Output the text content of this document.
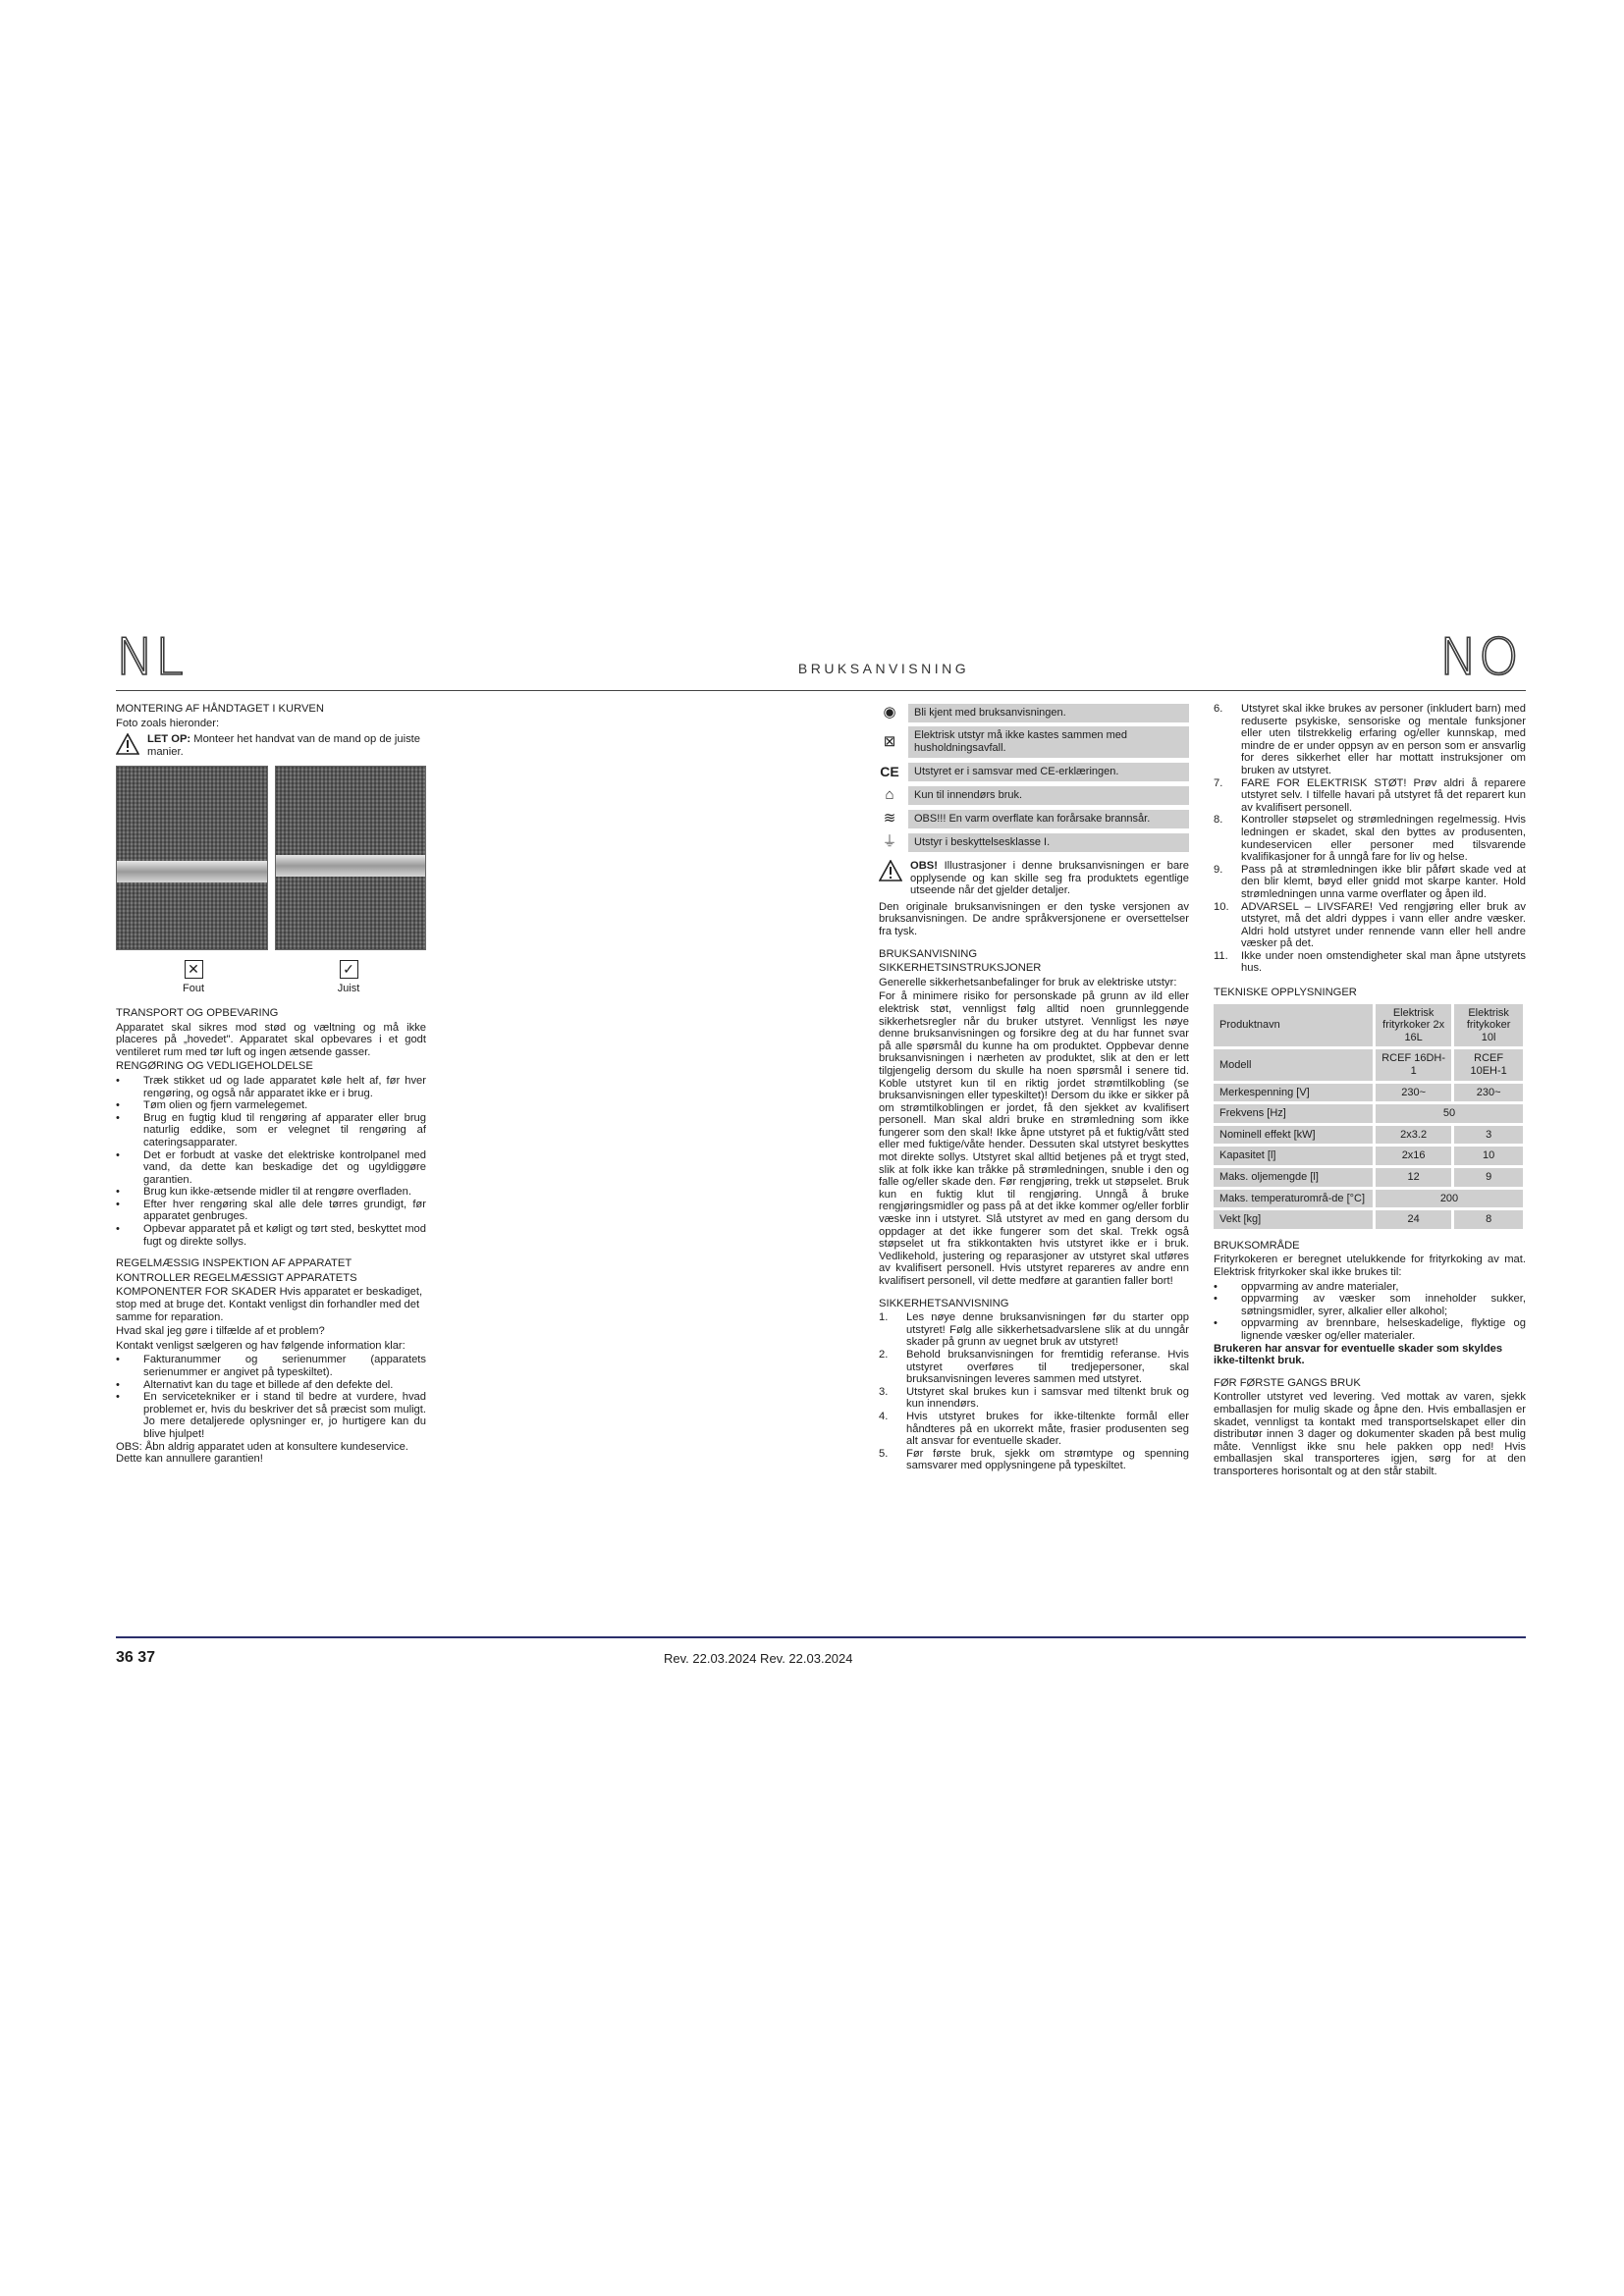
NL	BRUKSANVISNING	NO

MONTERING AF HÅNDTAGET I KURVEN

Foto zoals hieronder:

LET OP: Monteer het handvat van de mand op de juiste manier.
✕
Fout
✓
Juist

TRANSPORT OG OPBEVARING

Apparatet skal sikres mod stød og væltning og må ikke placeres på „hovedet". Apparatet skal opbevares i et godt ventileret rum med tør luft og ingen ætsende gasser.

RENGØRING OG VEDLIGEHOLDELSE

•	Træk stikket ud og lade apparatet køle helt af, før hver rengøring, og også når apparatet ikke er i brug.
•	Tøm olien og fjern varmelegemet.
•	Brug en fugtig klud til rengøring af apparater eller brug naturlig eddike, som er velegnet til rengøring af cateringsapparater.
•	Det er forbudt at vaske det elektriske kontrolpanel med vand, da dette kan beskadige det og ugyldiggøre garantien.
•	Brug kun ikke-ætsende midler til at rengøre overfladen.
•	Efter hver rengøring skal alle dele tørres grundigt, før apparatet genbruges.
•	Opbevar apparatet på et køligt og tørt sted, beskyttet mod fugt og direkte sollys.

REGELMÆSSIG INSPEKTION AF APPARATET

KONTROLLER REGELMÆSSIGT APPARATETS

KOMPONENTER FOR SKADER Hvis apparatet er beskadiget, stop med at bruge det. Kontakt venligst din forhandler med det samme for reparation.

Hvad skal jeg gøre i tilfælde af et problem?

Kontakt venligst sælgeren og hav følgende information klar:

•	Fakturanummer og serienummer (apparatets serienummer er angivet på typeskiltet).
•	Alternativt kan du tage et billede af den defekte del.
•	En servicetekniker er i stand til bedre at vurdere, hvad problemet er, hvis du beskriver det så præcist som muligt. Jo mere detaljerede oplysninger er, jo hurtigere kan du blive hjulpet!

OBS: Åbn aldrig apparatet uden at konsultere kundeservice. Dette kan annullere garantien!

◉	Bli kjent med bruksanvisningen.
⊠	Elektrisk utstyr må ikke kastes sammen med husholdningsavfall.
CE	Utstyret er i samsvar med CE-erklæringen.
⌂	Kun til innendørs bruk.
≋	OBS!!! En varm overflate kan forårsake brannsår.
⏚	Utstyr i beskyttelsesklasse I.
OBS! Illustrasjoner i denne bruksanvisningen er bare opplysende og kan skille seg fra produktets egentlige utseende når det gjelder detaljer.

Den originale bruksanvisningen er den tyske versjonen av bruksanvisningen. De andre språkversjonene er oversettelser fra tysk.

BRUKSANVISNING

SIKKERHETSINSTRUKSJONER

Generelle sikkerhetsanbefalinger for bruk av elektriske utstyr:

For å minimere risiko for personskade på grunn av ild eller elektrisk støt, vennligst følg alltid noen grunnleggende sikkerhetsregler når du bruker utstyret. Vennligst les nøye denne bruksanvisningen og forsikre deg at du har funnet svar på alle spørsmål du kunne ha om produktet. Oppbevar denne bruksanvisningen i nærheten av produktet, slik at den er lett tilgjengelig dersom du skulle ha noen spørsmål i senere tid. Koble utstyret kun til en riktig jordet strømtilkobling (se bruksanvisningen eller typeskiltet)! Dersom du ikke er sikker på om strømtilkoblingen er jordet, få den sjekket av kvalifisert personell. Man skal aldri bruke en strømledning som ikke fungerer som den skal! Ikke åpne utstyret på et fuktig/vått sted eller med fuktige/våte hender. Dessuten skal utstyret beskyttes mot direkte sollys. Utstyret skal alltid betjenes på et trygt sted, slik at folk ikke kan tråkke på strømledningen, snuble i den og falle og/eller skade den. Før rengjøring, trekk ut støpselet. Bruk kun en fuktig klut til rengjøring. Unngå å bruke rengjøringsmidler og pass på at det ikke kommer og/eller forblir væske inn i utstyret. Slå utstyret av med en gang dersom du oppdager at det ikke fungerer som det skal. Trekk også støpselet ut fra stikkontakten hvis utstyret ikke er i bruk. Vedlikehold, justering og reparasjoner av utstyret skal utføres av kvalifisert personell. Hvis utstyret repareres av andre enn kvalifisert personell, vil dette medføre at garantien faller bort!

SIKKERHETSANVISNING

1.	Les nøye denne bruksanvisningen før du starter opp utstyret! Følg alle sikkerhetsadvarslene slik at du unngår skader på grunn av uegnet bruk av utstyret!
2.	Behold bruksanvisningen for fremtidig referanse. Hvis utstyret overføres til tredjepersoner, skal bruksanvisningen leveres sammen med utstyret.
3.	Utstyret skal brukes kun i samsvar med tiltenkt bruk og kun innendørs.
4.	Hvis utstyret brukes for ikke-tiltenkte formål eller håndteres på en ukorrekt måte, frasier produsenten seg alt ansvar for eventuelle skader.
5.	Før første bruk, sjekk om strømtype og spenning samsvarer med opplysningene på typeskiltet.
6.	Utstyret skal ikke brukes av personer (inkludert barn) med reduserte psykiske, sensoriske og mentale funksjoner eller uten tilstrekkelig erfaring og/eller kunnskap, med mindre de er under oppsyn av en person som er ansvarlig for deres sikkerhet eller har mottatt instruksjoner om bruken av utstyret.
7.	FARE FOR ELEKTRISK STØT! Prøv aldri å reparere utstyret selv. I tilfelle havari på utstyret få det reparert kun av kvalifisert personell.
8.	Kontroller støpselet og strømledningen regelmessig. Hvis ledningen er skadet, skal den byttes av produsenten, kundeservicen eller personer med tilsvarende kvalifikasjoner for å unngå fare for liv og helse.
9.	Pass på at strømledningen ikke blir påført skade ved at den blir klemt, bøyd eller gnidd mot skarpe kanter. Hold strømledningen unna varme overflater og åpen ild.
10.	ADVARSEL – LIVSFARE! Ved rengjøring eller bruk av utstyret, må det aldri dyppes i vann eller andre væsker. Aldri hold utstyret under rennende vann eller hell andre væsker på det.
11.	Ikke under noen omstendigheter skal man åpne utstyrets hus.

TEKNISKE OPPLYSNINGER

Produktnavn	Elektrisk frityrkoker 2x 16L	Elektrisk fritykoker 10l
Modell	RCEF 16DH-1	RCEF 10EH-1
Merkespenning [V]	230~	230~
Frekvens [Hz]	50	
Nominell effekt [kW]	2x3.2	3
Kapasitet [l]	2x16	10
Maks. oljemengde [l]	12	9
Maks. temperaturområ-de [°C]	200	
Vekt [kg]	24	8

BRUKSOMRÅDE

Frityrkokeren er beregnet utelukkende for frityrkoking av mat. Elektrisk frityrkoker skal ikke brukes til:

•	oppvarming av andre materialer,
•	oppvarming av væsker som inneholder sukker, søtningsmidler, syrer, alkalier eller alkohol;
•	oppvarming av brennbare, helseskadelige, flyktige og lignende væsker og/eller materialer.

Brukeren har ansvar for eventuelle skader som skyldes ikke-tiltenkt bruk.

FØR FØRSTE GANGS BRUK

Kontroller utstyret ved levering. Ved mottak av varen, sjekk emballasjen for mulig skade og åpne den. Hvis emballasjen er skadet, vennligst ta kontakt med transportselskapet eller din distributør innen 3 dager og dokumenter skaden på best mulig måte. Vennligst ikke snu hele pakken opp ned! Hvis emballasjen skal transporteres igjen, sørg for at den transporteres horisontalt og at den står stabilt.

36 37	Rev. 22.03.2024 Rev. 22.03.2024
